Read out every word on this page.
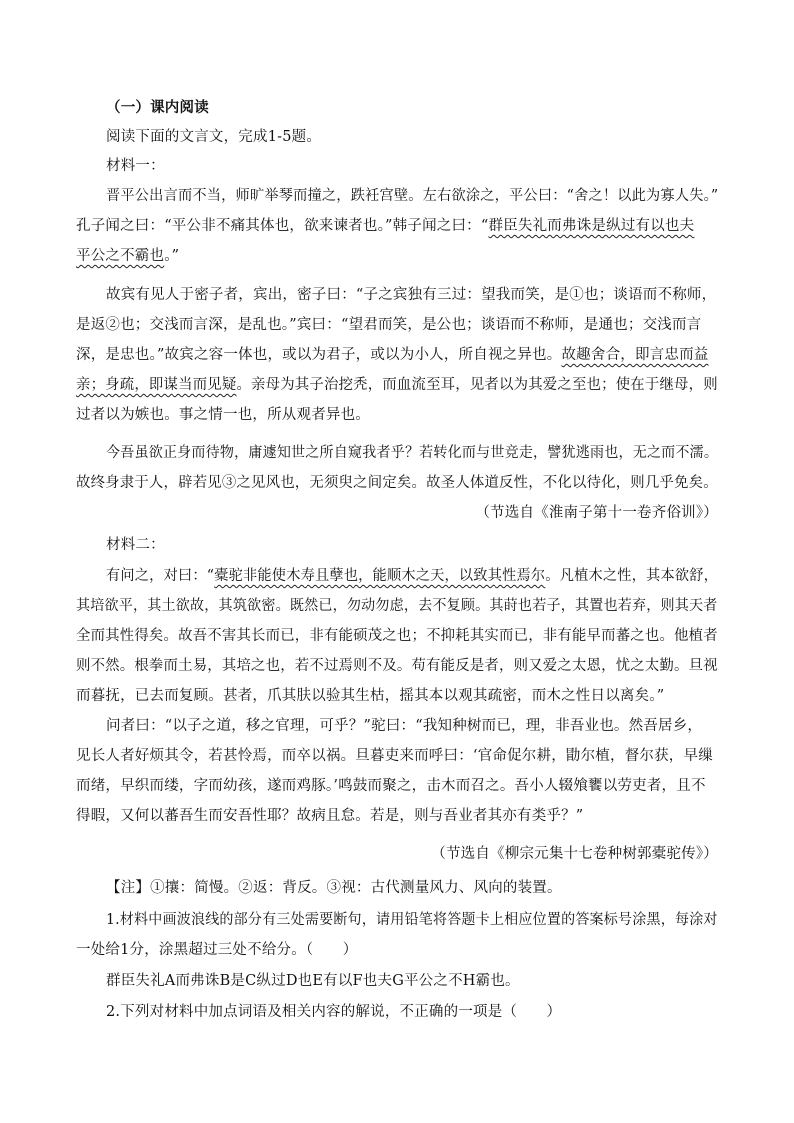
（一）课内阅读
阅读下面的文言文，完成1-5题。
材料一：
晋平公出言而不当，师旷举琴而撞之，跌衽宫壁。左右欲涂之，平公曰：“舍之！以此为寡人失。”
孔子闻之曰：“平公非不痛其体也，欲来谏者也。”韩子闻之曰：“群臣失礼而弗诛是纵过有以也夫
平公之不霸也。”
故宾有见人于密子者，宾出，密子曰：“子之宾独有三过：望我而笑，是①也；谈语而不称师，
是返②也；交浅而言深，是乱也。”宾曰：“望君而笑，是公也；谈语而不称师，是通也；交浅而言
深，是忠也。”故宾之容一体也，或以为君子，或以为小人，所自视之异也。故趣舍合，即言忠而益
亲；身疏，即谋当而见疑。亲母为其子治挖秃，而血流至耳，见者以为其爱之至也；使在于继母，则
过者以为嫉也。事之情一也，所从观者异也。
今吾虽欲正身而待物，庸遽知世之所自窥我者乎？若转化而与世竞走，譬犹逃雨也，无之而不濡。
故终身隶于人，辟若见③之见风也，无须臾之间定矣。故圣人体道反性，不化以待化，则几乎免矣。
（节选自《淮南子第十一卷齐俗训》）
材料二：
有问之，对曰：“橐驼非能使木寿且孽也，能顺木之天，以致其性焉尔。凡植木之性，其本欲舒，
其培欲平，其土欲故，其筑欲密。既然已，勿动勿虑，去不复顾。其莳也若子，其置也若弃，则其天者
全而其性得矣。故吾不害其长而已，非有能硕茂之也；不抑耗其实而已，非有能早而蕃之也。他植者
则不然。根拳而土易，其培之也，若不过焉则不及。苟有能反是者，则又爱之太恩，忧之太勤。旦视
而暮抚，已去而复顾。甚者，爪其肤以验其生枯，摇其本以观其疏密，而木之性日以离矣。”
问者曰：“以子之道，移之官理，可乎？”驼曰：“我知种树而已，理，非吾业也。然吾居乡，
见长人者好烦其令，若甚怜焉，而卒以祸。旦暮吏来而呼曰：‘官命促尔耕，勖尔植，督尔获，早缫
而绪，早织而缕，字而幼孩，遂而鸡豚。’鸣鼓而聚之，击木而召之。吾小人辍飧饔以劳吏者，且不
得暇，又何以蕃吾生而安吾性耶？故病且怠。若是，则与吾业者其亦有类乎？”
（节选自《柳宗元集十七卷种树郭橐驼传》）
【注】①攘：简慢。②返：背反。③视：古代测量风力、风向的装置。
1.材料中画波浪线的部分有三处需要断句，请用铅笔将答题卡上相应位置的答案标号涂黑，每涂对
一处给1分，涂黑超过三处不给分。（　　）
群臣失礼A而弗诛B是C纵过D也E有以F也夫G平公之不H霸也。
2.下列对材料中加点词语及相关内容的解说，不正确的一项是（　　）
